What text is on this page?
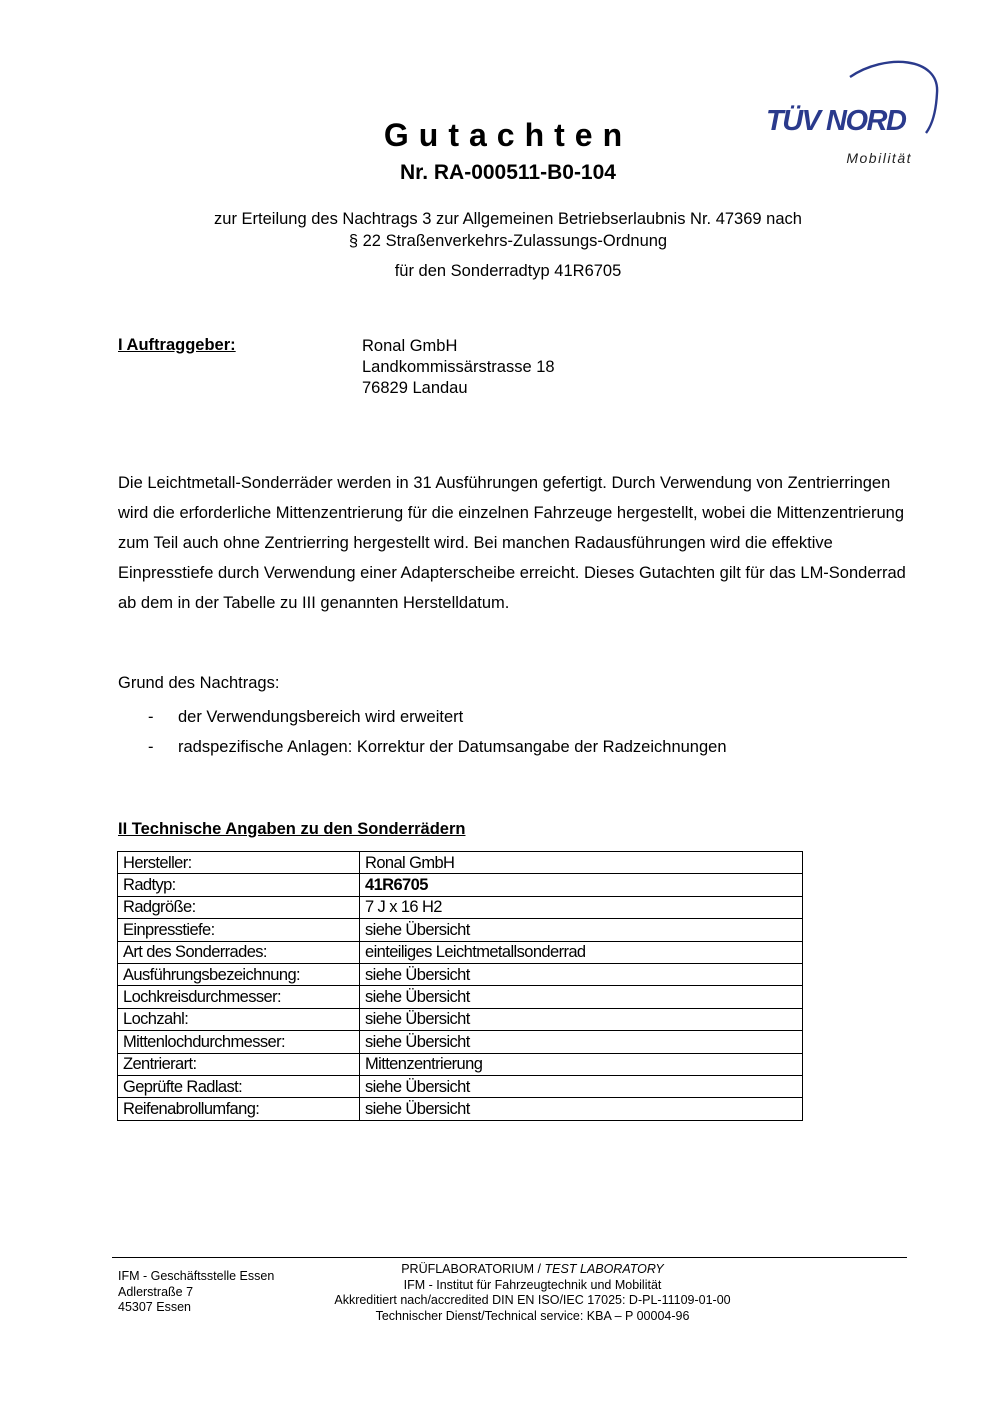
TÜV NORD
Mobilität
Gutachten
Nr. RA-000511-B0-104
zur Erteilung des Nachtrags 3 zur Allgemeinen Betriebserlaubnis Nr. 47369 nach
§ 22 Straßenverkehrs-Zulassungs-Ordnung
für den Sonderradtyp 41R6705
I Auftraggeber:	Ronal GmbH
Landkommissärstrasse 18
76829 Landau
Die Leichtmetall-Sonderräder werden in 31 Ausführungen gefertigt. Durch Verwendung von Zentrierringen wird die erforderliche Mittenzentrierung für die einzelnen Fahrzeuge hergestellt, wobei die Mittenzentrierung zum Teil auch ohne Zentrierring hergestellt wird. Bei manchen Radausführungen wird die effektive Einpresstiefe durch Verwendung einer Adapterscheibe erreicht. Dieses Gutachten gilt für das LM-Sonderrad ab dem in der Tabelle zu III genannten Herstelldatum.
Grund des Nachtrags:
- der Verwendungsbereich wird erweitert
- radspezifische Anlagen: Korrektur der Datumsangabe der Radzeichnungen
II Technische Angaben zu den Sonderrädern
Hersteller:	Ronal GmbH
Radtyp:	41R6705
Radgröße:	7 J x 16 H2
Einpresstiefe:	siehe Übersicht
Art des Sonderrades:	einteiliges Leichtmetallsonderrad
Ausführungsbezeichnung:	siehe Übersicht
Lochkreisdurchmesser:	siehe Übersicht
Lochzahl:	siehe Übersicht
Mittenlochdurchmesser:	siehe Übersicht
Zentrierart:	Mittenzentrierung
Geprüfte Radlast:	siehe Übersicht
Reifenabrollumfang:	siehe Übersicht
IFM - Geschäftsstelle Essen
Adlerstraße 7
45307 Essen
PRÜFLABORATORIUM / TEST LABORATORY
IFM - Institut für Fahrzeugtechnik und Mobilität
Akkreditiert nach/accredited DIN EN ISO/IEC 17025: D-PL-11109-01-00
Technischer Dienst/Technical service: KBA – P 00004-96
